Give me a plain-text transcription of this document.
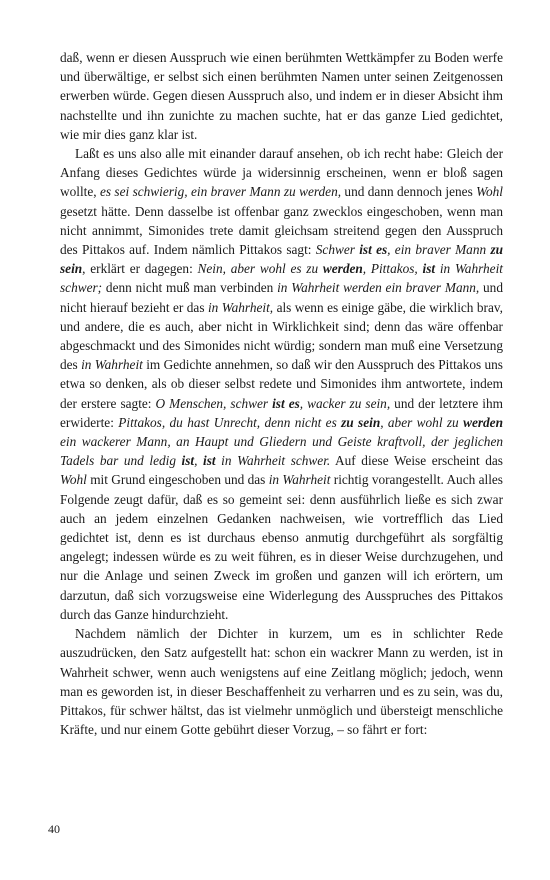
daß, wenn er diesen Ausspruch wie einen berühmten Wettkämpfer zu Boden werfe und überwältige, er selbst sich einen berühmten Namen unter seinen Zeitgenossen erwerben würde. Gegen diesen Ausspruch also, und indem er in dieser Absicht ihm nachstellte und ihn zunichte zu machen suchte, hat er das ganze Lied gedichtet, wie mir dies ganz klar ist.

Laßt es uns also alle mit einander darauf ansehen, ob ich recht habe: Gleich der Anfang dieses Gedichtes würde ja widersinnig erscheinen, wenn er bloß sagen wollte, es sei schwierig, ein braver Mann zu werden, und dann dennoch jenes Wohl gesetzt hätte. Denn dasselbe ist offenbar ganz zwecklos eingeschoben, wenn man nicht annimmt, Simonides trete damit gleichsam streitend gegen den Ausspruch des Pittakos auf. Indem nämlich Pittakos sagt: Schwer ist es, ein braver Mann zu sein, erklärt er dagegen: Nein, aber wohl es zu werden, Pittakos, ist in Wahrheit schwer; denn nicht muß man verbinden in Wahrheit werden ein braver Mann, und nicht hierauf bezieht er das in Wahrheit, als wenn es einige gäbe, die wirklich brav, und andere, die es auch, aber nicht in Wirklichkeit sind; denn das wäre offenbar abgeschmackt und des Simonides nicht würdig; sondern man muß eine Versetzung des in Wahrheit im Gedichte annehmen, so daß wir den Ausspruch des Pittakos uns etwa so denken, als ob dieser selbst redete und Simonides ihm antwortete, indem der erstere sagte: O Menschen, schwer ist es, wacker zu sein, und der letztere ihm erwiderte: Pittakos, du hast Unrecht, denn nicht es zu sein, aber wohl zu werden ein wackerer Mann, an Haupt und Gliedern und Geiste kraftvoll, der jeglichen Tadels bar und ledig ist, ist in Wahrheit schwer. Auf diese Weise erscheint das Wohl mit Grund eingeschoben und das in Wahrheit richtig vorangestellt. Auch alles Folgende zeugt dafür, daß es so gemeint sei: denn ausführlich ließe es sich zwar auch an jedem einzelnen Gedanken nachweisen, wie vortrefflich das Lied gedichtet ist, denn es ist durchaus ebenso anmutig durchgeführt als sorgfältig angelegt; indessen würde es zu weit führen, es in dieser Weise durchzugehen, und nur die Anlage und seinen Zweck im großen und ganzen will ich erörtern, um darzutun, daß sich vorzugsweise eine Widerlegung des Ausspruches des Pittakos durch das Ganze hindurchzieht.

Nachdem nämlich der Dichter in kurzem, um es in schlichter Rede auszudrücken, den Satz aufgestellt hat: schon ein wackrer Mann zu werden, ist in Wahrheit schwer, wenn auch wenigstens auf eine Zeitlang möglich; jedoch, wenn man es geworden ist, in dieser Beschaffenheit zu verharren und es zu sein, was du, Pittakos, für schwer hältst, das ist vielmehr unmöglich und übersteigt menschliche Kräfte, und nur einem Gotte gebührt dieser Vorzug, – so fährt er fort:

40
